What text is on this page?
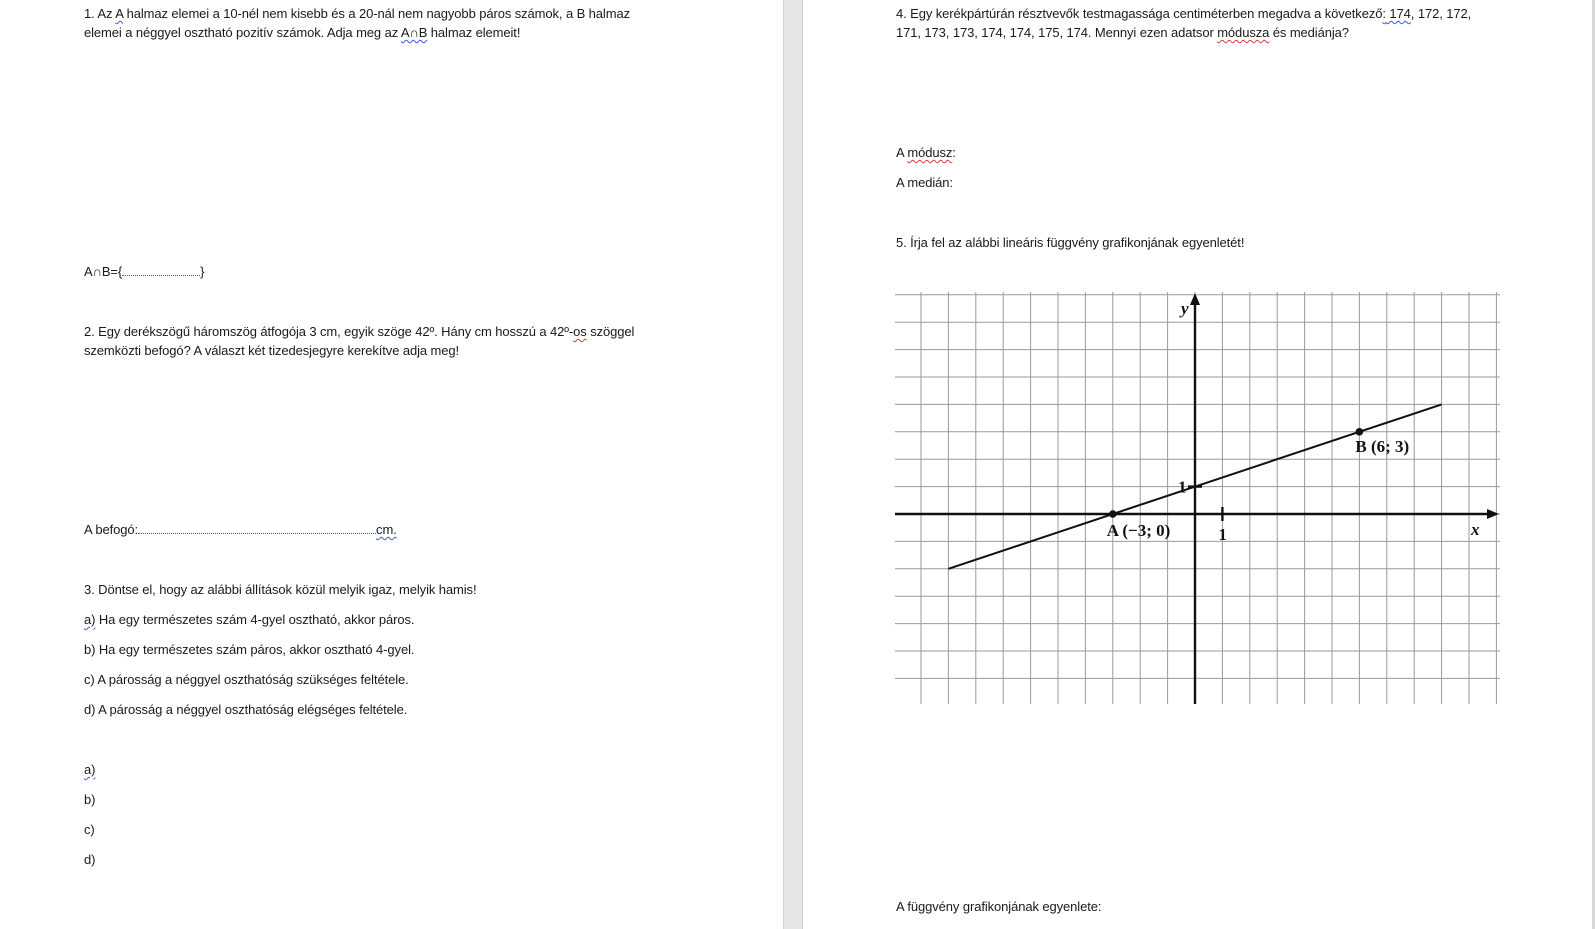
1. Az A halmaz elemei a 10-nél nem kisebb és a 20-nál nem nagyobb páros számok, a B halmaz
elemei a néggyel osztható pozitív számok. Adja meg az A∩B halmaz elemeit!
A∩B={	}
2. Egy derékszögű háromszög átfogója 3 cm, egyik szöge 42º. Hány cm hosszú a 42º-os szöggel
szemközti befogó? A választ két tizedesjegyre kerekítve adja meg!
A befogó:	cm.
3. Döntse el, hogy az alábbi állítások közül melyik igaz, melyik hamis!
a) Ha egy természetes szám 4-gyel osztható, akkor páros.
b) Ha egy természetes szám páros, akkor osztható 4-gyel.
c) A párosság a néggyel oszthatóság szükséges feltétele.
d) A párosság a néggyel oszthatóság elégséges feltétele.
a)
b)
c)
d)
4. Egy kerékpártúrán résztvevők testmagassága centiméterben megadva a következő: 174, 172, 172,
171, 173, 173, 174, 174, 175, 174. Mennyi ezen adatsor módusza és mediánja?
A módusz:
A medián:
5. Írja fel az alábbi lineáris függvény grafikonjának egyenletét!
A (−3; 0)
B (6; 3)
1
1
x
y
A függvény grafikonjának egyenlete:
